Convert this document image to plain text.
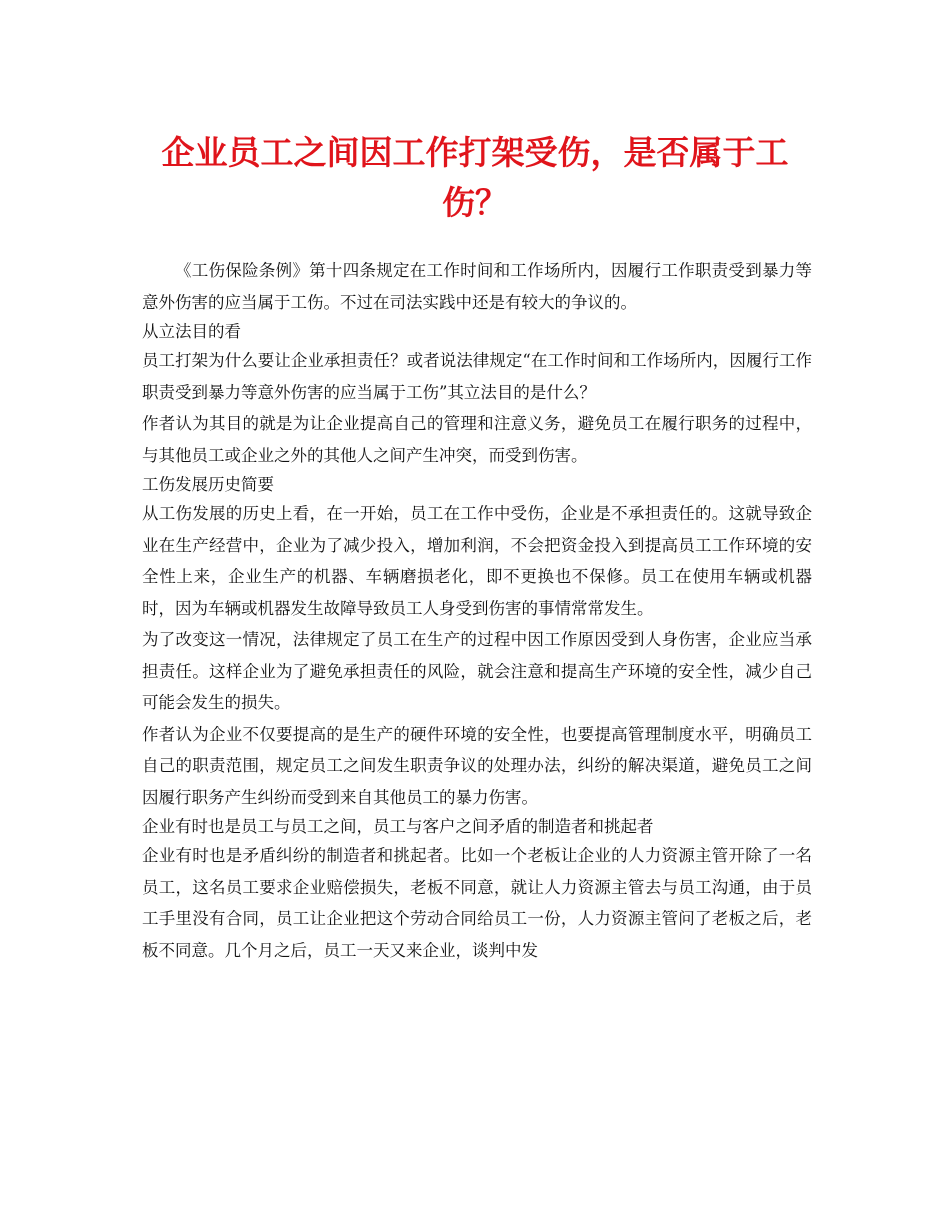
企业员工之间因工作打架受伤，是否属于工
伤？

《工伤保险条例》第十四条规定在工作时间和工作场所内，因履行工作职责受到暴力等意外伤害的应当属于工伤。不过在司法实践中还是有较大的争议的。

从立法目的看

员工打架为什么要让企业承担责任？或者说法律规定“在工作时间和工作场所内，因履行工作职责受到暴力等意外伤害的应当属于工伤”其立法目的是什么？

作者认为其目的就是为让企业提高自己的管理和注意义务，避免员工在履行职务的过程中，与其他员工或企业之外的其他人之间产生冲突，而受到伤害。

工伤发展历史简要

从工伤发展的历史上看，在一开始，员工在工作中受伤，企业是不承担责任的。这就导致企业在生产经营中，企业为了减少投入，增加利润，不会把资金投入到提高员工工作环境的安全性上来，企业生产的机器、车辆磨损老化，即不更换也不保修。员工在使用车辆或机器时，因为车辆或机器发生故障导致员工人身受到伤害的事情常常发生。

为了改变这一情况，法律规定了员工在生产的过程中因工作原因受到人身伤害，企业应当承担责任。这样企业为了避免承担责任的风险，就会注意和提高生产环境的安全性，减少自己可能会发生的损失。

作者认为企业不仅要提高的是生产的硬件环境的安全性，也要提高管理制度水平，明确员工自己的职责范围，规定员工之间发生职责争议的处理办法，纠纷的解决渠道，避免员工之间因履行职务产生纠纷而受到来自其他员工的暴力伤害。

企业有时也是员工与员工之间，员工与客户之间矛盾的制造者和挑起者

企业有时也是矛盾纠纷的制造者和挑起者。比如一个老板让企业的人力资源主管开除了一名员工，这名员工要求企业赔偿损失，老板不同意，就让人力资源主管去与员工沟通，由于员工手里没有合同，员工让企业把这个劳动合同给员工一份，人力资源主管问了老板之后，老板不同意。几个月之后，员工一天又来企业，谈判中发
